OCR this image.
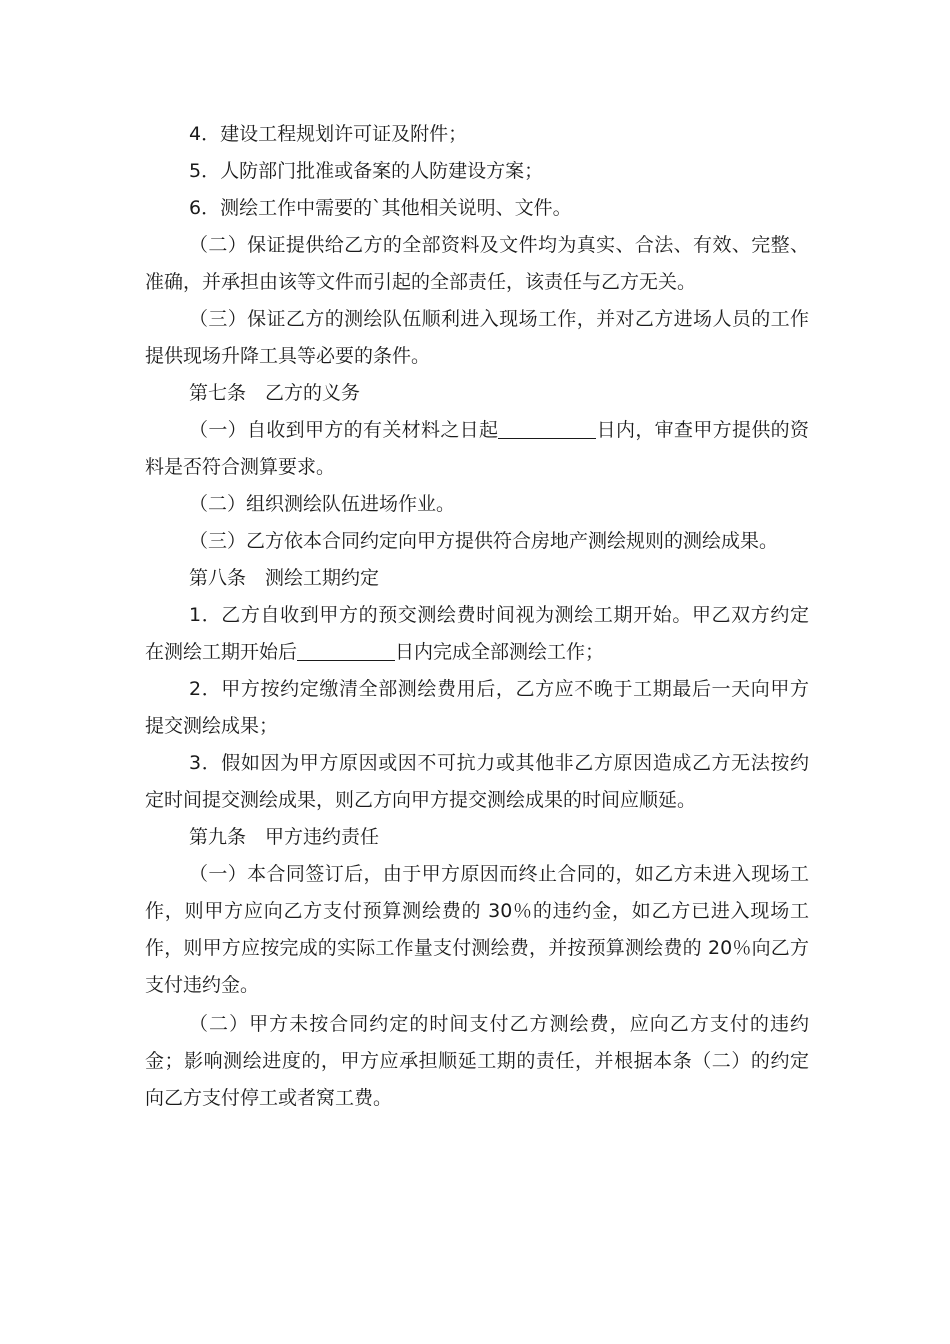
4．建设工程规划许可证及附件；

5．人防部门批准或备案的人防建设方案；

6．测绘工作中需要的`其他相关说明、文件。

（二）保证提供给乙方的全部资料及文件均为真实、合法、有效、完整、准确，并承担由该等文件而引起的全部责任，该责任与乙方无关。

（三）保证乙方的测绘队伍顺利进入现场工作，并对乙方进场人员的工作提供现场升降工具等必要的条件。

第七条　乙方的义务

（一）自收到甲方的有关材料之日起	日内，审查甲方提供的资料是否符合测算要求。

（二）组织测绘队伍进场作业。

（三）乙方依本合同约定向甲方提供符合房地产测绘规则的测绘成果。

第八条　测绘工期约定

1．乙方自收到甲方的预交测绘费时间视为测绘工期开始。甲乙双方约定在测绘工期开始后	日内完成全部测绘工作；

2．甲方按约定缴清全部测绘费用后，乙方应不晚于工期最后一天向甲方提交测绘成果；

3．假如因为甲方原因或因不可抗力或其他非乙方原因造成乙方无法按约定时间提交测绘成果，则乙方向甲方提交测绘成果的时间应顺延。

第九条　甲方违约责任

（一）本合同签订后，由于甲方原因而终止合同的，如乙方未进入现场工作，则甲方应向乙方支付预算测绘费的 30％的违约金，如乙方已进入现场工作，则甲方应按完成的实际工作量支付测绘费，并按预算测绘费的 20％向乙方支付违约金。

（二）甲方未按合同约定的时间支付乙方测绘费，应向乙方支付的违约金；影响测绘进度的，甲方应承担顺延工期的责任，并根据本条（二）的约定向乙方支付停工或者窝工费。
